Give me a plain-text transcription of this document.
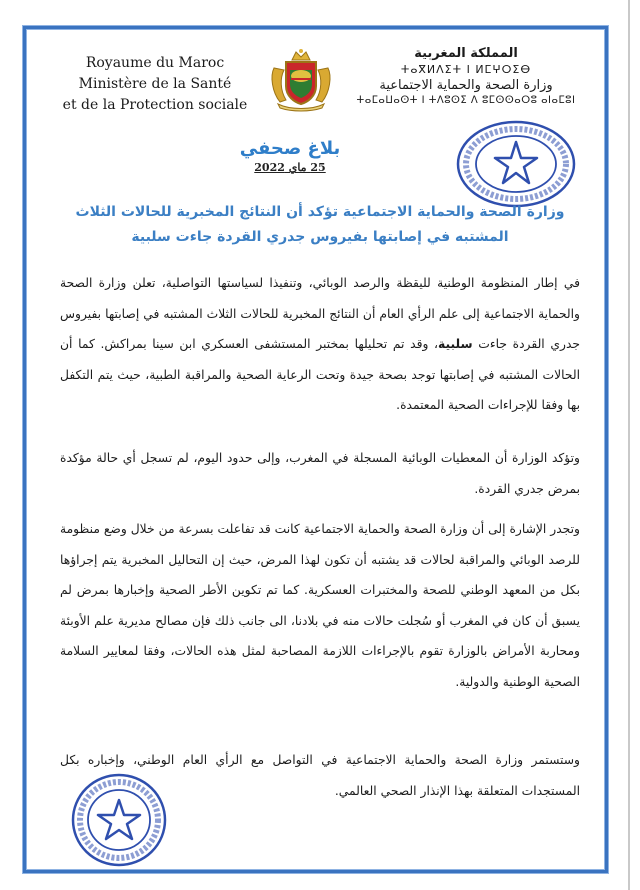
Royaume du Maroc
Ministère de la Santé
et de la Protection sociale
المملكة المغربية
ⵜⴰⴳⵍⴷⵉⵜ ⵏ ⵍⵎⵖⵔⵉⴱ
وزارة الصحة والحماية الاجتماعية
ⵜⴰⵎⴰⵡⴰⵙⵜ ⵏ ⵜⴷⵓⵙⵉ ⴷ ⵓⵎⵙⵙⴰⵔⵓ ⴰⵏⴰⵎⵓⵏ
بلاغ صحفي
25 ماي 2022
وزارة الصحة والحماية الاجتماعية تؤكد أن النتائج المخبرية للحالات الثلاث
المشتبه في إصابتها بفيروس جدري القردة جاءت سلبية
في إطار المنظومة الوطنية لليقظة والرصد الوبائي، وتنفيذا لسياستها التواصلية، تعلن وزارة الصحة والحماية الاجتماعية إلى علم الرأي العام أن النتائج المخبرية للحالات الثلاث المشتبه في إصابتها بفيروس جدري القردة جاءت سلبية، وقد تم تحليلها بمختبر المستشفى العسكري ابن سينا بمراكش. كما أن الحالات المشتبه في إصابتها توجد بصحة جيدة وتحت الرعاية الصحية والمراقبة الطبية، حيث يتم التكفل بها وفقا للإجراءات الصحية المعتمدة.
وتؤكد الوزارة أن المعطيات الوبائية المسجلة في المغرب، وإلى حدود اليوم، لم تسجل أي حالة مؤكدة بمرض جدري القردة.
وتجدر الإشارة إلى أن وزارة الصحة والحماية الاجتماعية كانت قد تفاعلت بسرعة من خلال وضع منظومة للرصد الوبائي والمراقبة لحالات قد يشتبه أن تكون لهذا المرض، حيث إن التحاليل المخبرية يتم إجراؤها بكل من المعهد الوطني للصحة والمختبرات العسكرية. كما تم تكوين الأطر الصحية وإخبارها بمرض لم يسبق أن كان في المغرب أو سُجلت حالات منه في بلادنا، الى جانب ذلك فإن مصالح مديرية علم الأوبئة ومحاربة الأمراض بالوزارة تقوم بالإجراءات اللازمة المصاحبة لمثل هذه الحالات، وفقا لمعايير السلامة الصحية الوطنية والدولية.
وستستمر وزارة الصحة والحماية الاجتماعية في التواصل مع الرأي العام الوطني، وإخباره بكل المستجدات المتعلقة بهذا الإنذار الصحي العالمي.
